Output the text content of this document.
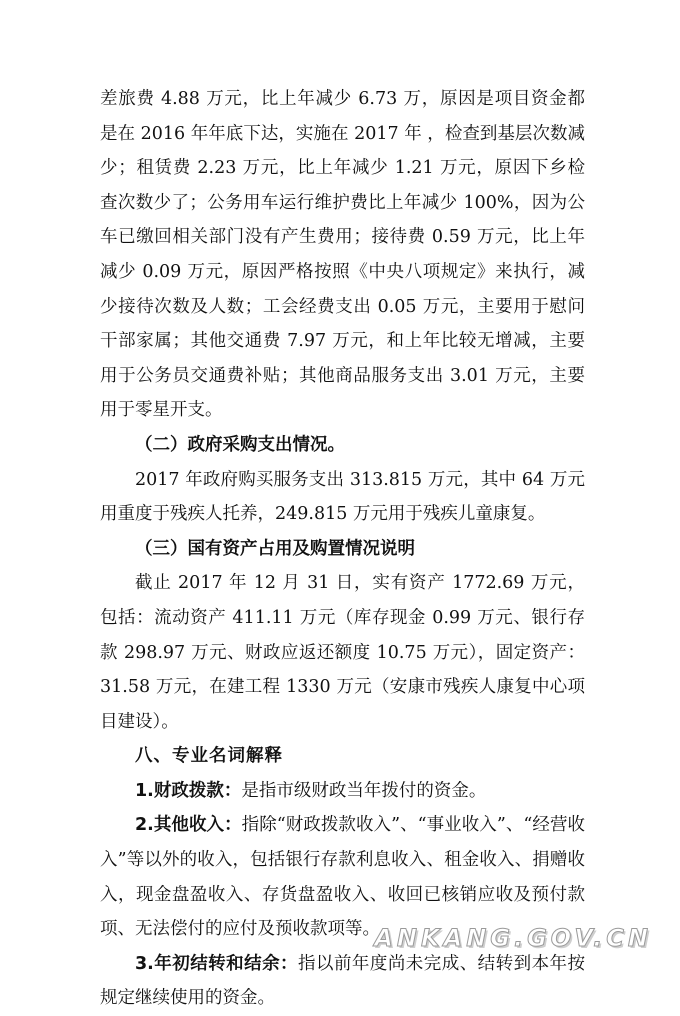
差旅费 4.88 万元，比上年减少 6.73 万，原因是项目资金都是在 2016 年年底下达，实施在 2017 年 ，检查到基层次数减少；租赁费 2.23 万元，比上年减少 1.21 万元，原因下乡检查次数少了；公务用车运行维护费比上年减少 100%，因为公车已缴回相关部门没有产生费用；接待费 0.59 万元，比上年减少 0.09 万元，原因严格按照《中央八项规定》来执行，减少接待次数及人数；工会经费支出 0.05 万元，主要用于慰问干部家属；其他交通费 7.97 万元，和上年比较无增减，主要用于公务员交通费补贴；其他商品服务支出 3.01 万元，主要用于零星开支。

（二）政府采购支出情况。

2017 年政府购买服务支出 313.815 万元，其中 64 万元用重度于残疾人托养，249.815 万元用于残疾儿童康复。

（三）国有资产占用及购置情况说明

截止 2017 年 12 月 31 日，实有资产 1772.69 万元，包括：流动资产 411.11 万元（库存现金 0.99 万元、银行存款 298.97 万元、财政应返还额度 10.75 万元），固定资产：31.58 万元，在建工程 1330 万元（安康市残疾人康复中心项目建设）。

八、专业名词解释

1.财政拨款：是指市级财政当年拨付的资金。

2.其他收入：指除“财政拨款收入”、“事业收入”、“经营收入”等以外的收入，包括银行存款利息收入、租金收入、捐赠收入，现金盘盈收入、存货盘盈收入、收回已核销应收及预付款项、无法偿付的应付及预收款项等。

3.年初结转和结余：指以前年度尚未完成、结转到本年按规定继续使用的资金。

ANKANG.GOV.CN
